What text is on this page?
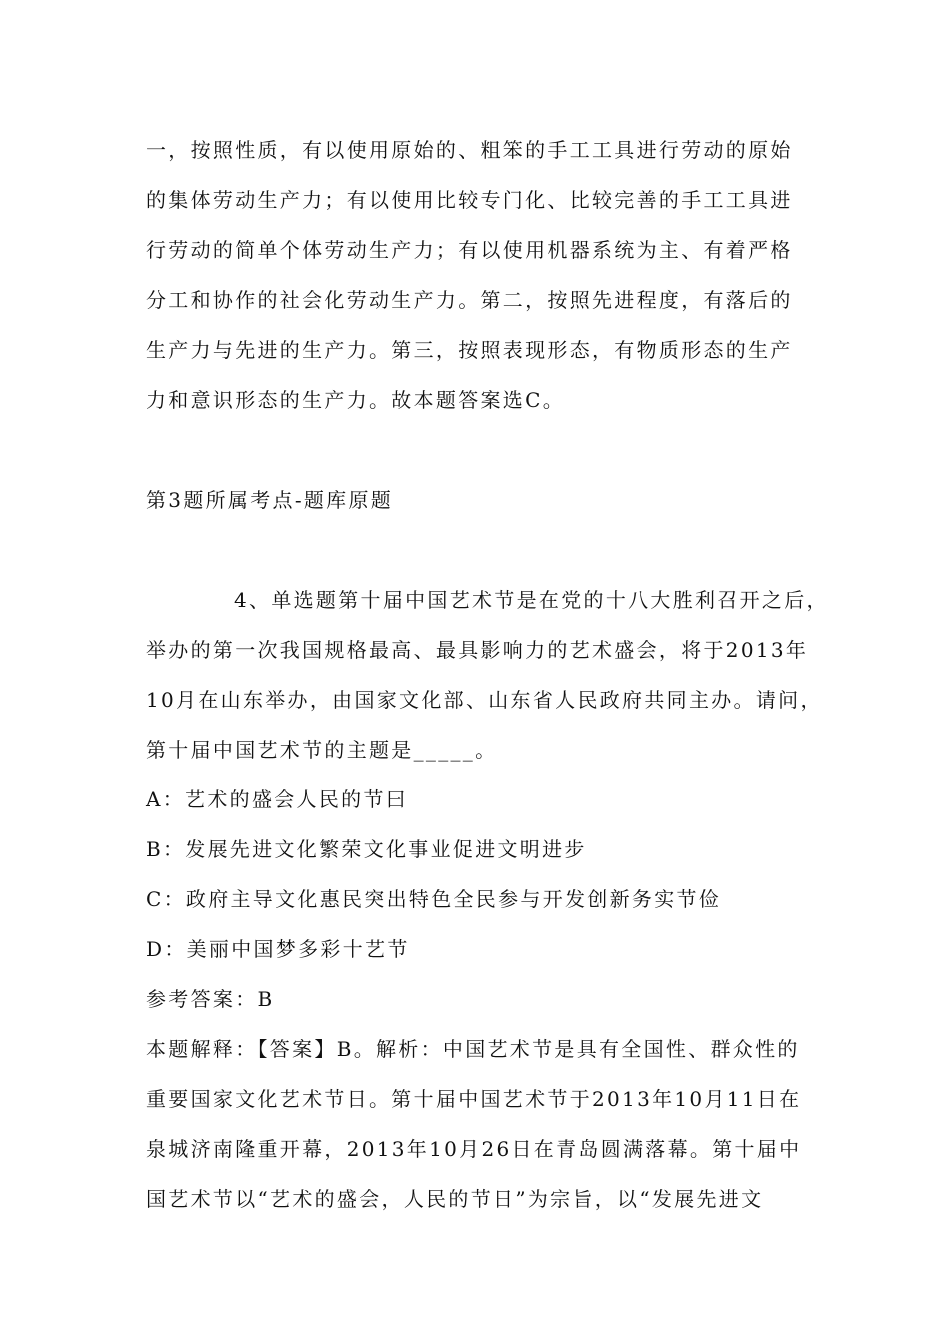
一，按照性质，有以使用原始的、粗笨的手工工具进行劳动的原始

的集体劳动生产力；有以使用比较专门化、比较完善的手工工具进

行劳动的简单个体劳动生产力；有以使用机器系统为主、有着严格

分工和协作的社会化劳动生产力。第二，按照先进程度，有落后的

生产力与先进的生产力。第三，按照表现形态，有物质形态的生产

力和意识形态的生产力。故本题答案选C。

第3题所属考点-题库原题

4、单选题第十届中国艺术节是在党的十八大胜利召开之后，

举办的第一次我国规格最高、最具影响力的艺术盛会，将于2013年

10月在山东举办，由国家文化部、山东省人民政府共同主办。请问，

第十届中国艺术节的主题是_____。

A：艺术的盛会人民的节曰

B：发展先进文化繁荣文化事业促进文明进步

C：政府主导文化惠民突出特色全民参与开发创新务实节俭

D：美丽中国梦多彩十艺节

参考答案：B

本题解释：【答案】B。解析：中国艺术节是具有全国性、群众性的

重要国家文化艺术节日。第十届中国艺术节于2013年10月11日在

泉城济南隆重开幕，2013年10月26日在青岛圆满落幕。第十届中

国艺术节以“艺术的盛会，人民的节日”为宗旨，以“发展先进文
